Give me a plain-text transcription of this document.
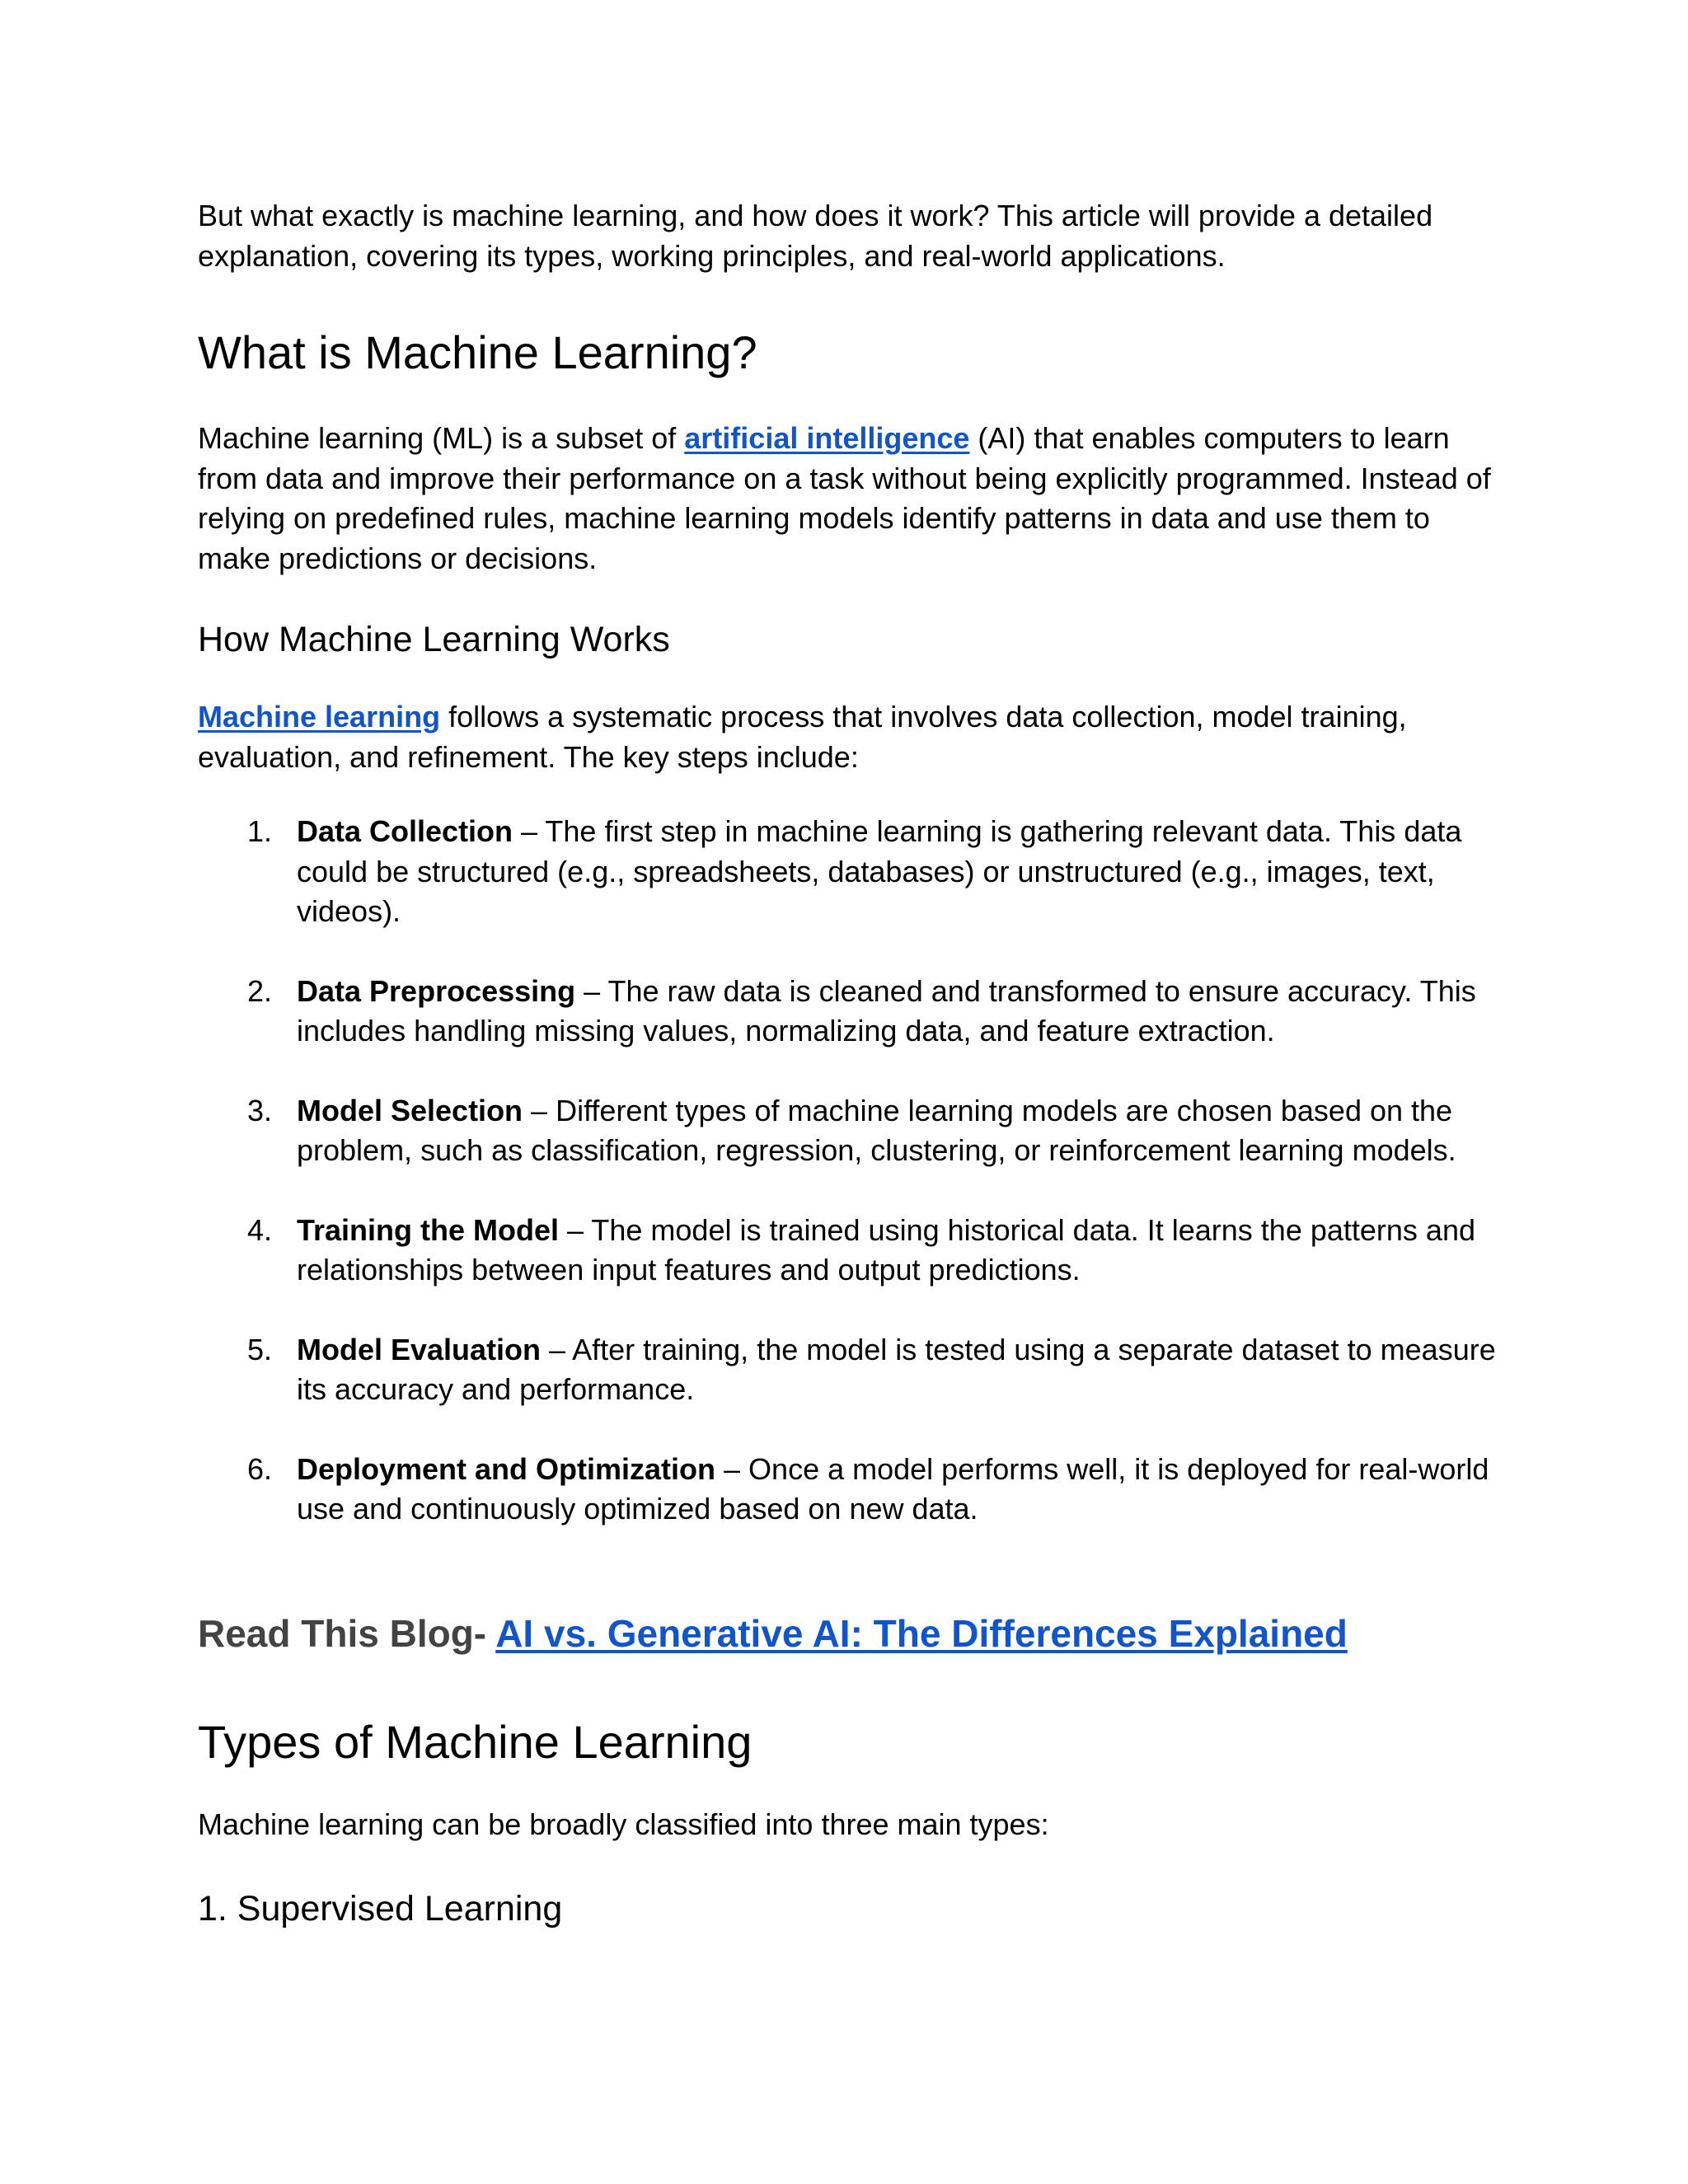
But what exactly is machine learning, and how does it work? This article will provide a detailed explanation, covering its types, working principles, and real-world applications.

What is Machine Learning?

Machine learning (ML) is a subset of artificial intelligence (AI) that enables computers to learn from data and improve their performance on a task without being explicitly programmed. Instead of relying on predefined rules, machine learning models identify patterns in data and use them to make predictions or decisions.

How Machine Learning Works

Machine learning follows a systematic process that involves data collection, model training, evaluation, and refinement. The key steps include:

1. Data Collection – The first step in machine learning is gathering relevant data. This data could be structured (e.g., spreadsheets, databases) or unstructured (e.g., images, text, videos).
2. Data Preprocessing – The raw data is cleaned and transformed to ensure accuracy. This includes handling missing values, normalizing data, and feature extraction.
3. Model Selection – Different types of machine learning models are chosen based on the problem, such as classification, regression, clustering, or reinforcement learning models.
4. Training the Model – The model is trained using historical data. It learns the patterns and relationships between input features and output predictions.
5. Model Evaluation – After training, the model is tested using a separate dataset to measure its accuracy and performance.
6. Deployment and Optimization – Once a model performs well, it is deployed for real-world use and continuously optimized based on new data.

Read This Blog- AI vs. Generative AI: The Differences Explained

Types of Machine Learning

Machine learning can be broadly classified into three main types:

1. Supervised Learning
